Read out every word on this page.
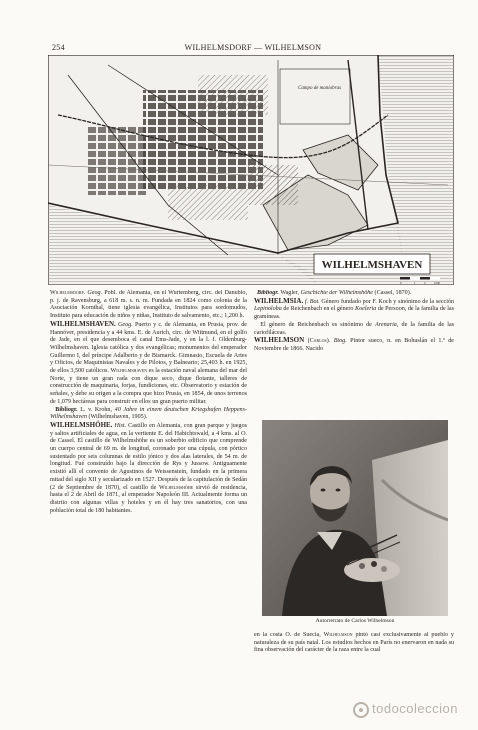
254	WILHELMSDORF — WILHELMSON
Campo de maniobras
WILHELMSHAVEN
0	1	2	1000

Wilhelmsdorf. Geog. Pobl. de Alemania, en el Wurtemberg, circ. del Danubio, p. j. de Ravensburg, a 618 m. s. n. m. Fundada en 1824 como colonia de la Asociación Kornthal, tiene iglesia evangélica, Institutos para sordomudos, Instituto para educación de niños y niñas, Instituto de salvamento, etc.; 1,200 h.

WILHELMSHAVEN. Geog. Puerto y c. de Alemania, en Prusia, prov. de Hannóver, presidencia y a 44 kms. E. de Aurich, circ. de Wittmund, en el golfo de Jade, en el que desemboca el canal Ems-Jade, y en la l. f. Oldenburg-Wilhelmshaven. Iglesia católica y dos evangélicas; monumentos del emperador Guillermo I, del príncipe Adalberto y de Bismarck. Gimnasio, Escuela de Artes y Oficios, de Maquinistas Navales y de Pilotos, y Balneario; 25,403 h. en 1925, de ellos 3,500 católicos. Wilhelmshaven es la estación naval alemana del mar del Norte, y tiene un gran rada con dique seco, dique flotante, talleres de construcción de maquinaria, forjas, fundiciones, etc. Observatorio y estación de señales, y debe su origen a la compra que hizo Prusia, en 1854, de unos terrenos de 1,079 hectáreas para construir en ellos un gran puerto militar.

Bibliogr. L. v. Krohn, 40 Jahre in einem deutschen Kriegshafen Heppens-Wilhelmshaven (Wilhelmshaven, 1905).

WILHELMSHÖHE. Hist. Castillo en Alemania, con gran parque y juegos y saltos artificiales de agua, en la vertiente E. del Habichtswald, a 4 kms. al O. de Cassel. El castillo de Wilhelmshöhe es un soberbio edificio que comprende un cuerpo central de 69 m. de longitud, coronado por una cúpula, con pórtico sustentado por seis columnas de estilo jónico y dos alas laterales, de 54 m. de longitud. Fué construído bajo la dirección de Rys y Jussow. Antiguamente existió allí el convento de Agustinos de Weissenstein, fundado en la primera mitad del siglo XII y secularizado en 1527. Después de la capitulación de Sedán (2 de Septiembre de 1870), el castillo de Wilhelmshöhe sirvió de residencia, hasta el 2 de Abril de 1871, al emperador Napoleón III. Actualmente forma un distrito con algunas villas y hoteles y en él hay tres sanatorios, con una población total de 180 habitantes.

Bibliogr. Wagler, Geschichte der Wilhelmshöhe (Cassel, 1870).

WILHELMSIA. f. Bot. Género fundado por F. Koch y sinónimo de la sección Lepinoloba de Reichenbach en el género Koeleria de Persoon, de la familia de las gramíneas.

El género de Reichenbach es sinónimo de Arenaria, de la familia de las cariofiláceas.

WILHELMSON (Carlos). Biog. Pintor sueco, n. en Bohuslán el 1.º de Noviembre de 1866. Nacido

Autorretrato de Carlos Wilhelmson

en la costa O. de Suecia, Wilhelmson pintó casi exclusivamente al pueblo y naturaleza de su país natal. Los estudios hechos en París no enervaron en nada su fina observación del carácter de la raza entre la cual

todocoleccion
